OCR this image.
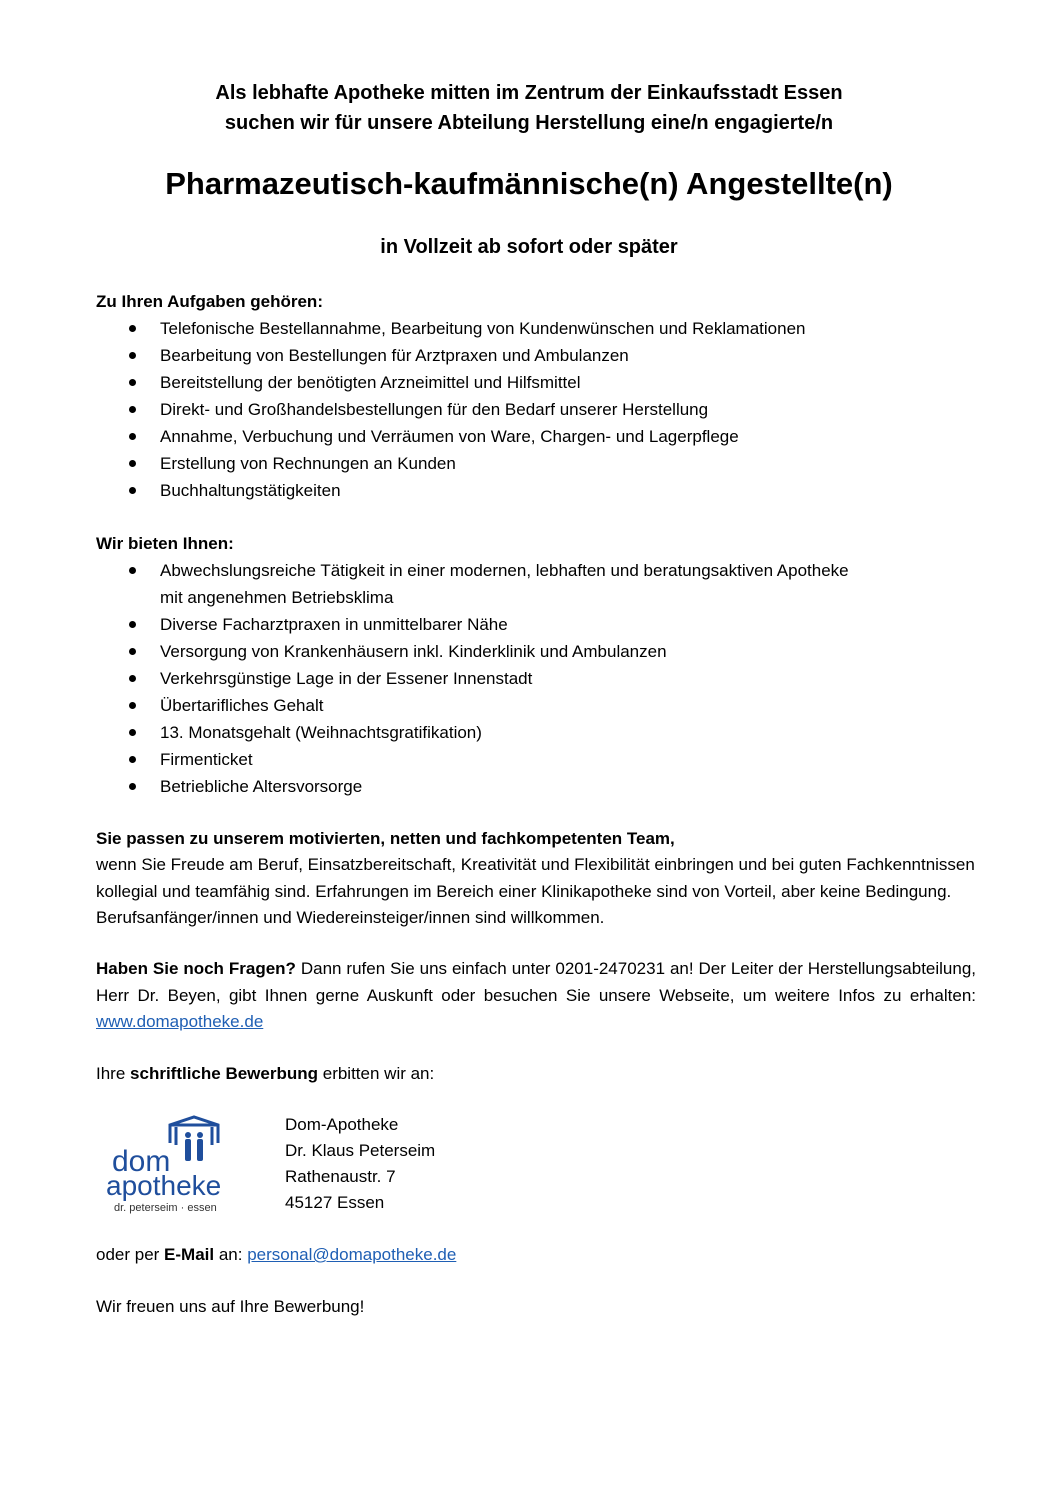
Als lebhafte Apotheke mitten im Zentrum der Einkaufsstadt Essen
suchen wir für unsere Abteilung Herstellung eine/n engagierte/n
Pharmazeutisch-kaufmännische(n) Angestellte(n)
in Vollzeit ab sofort oder später
Zu Ihren Aufgaben gehören:
Telefonische Bestellannahme, Bearbeitung von Kundenwünschen und Reklamationen
Bearbeitung von Bestellungen für Arztpraxen und Ambulanzen
Bereitstellung der benötigten Arzneimittel und Hilfsmittel
Direkt- und Großhandelsbestellungen für den Bedarf unserer Herstellung
Annahme, Verbuchung und Verräumen von Ware, Chargen- und Lagerpflege
Erstellung von Rechnungen an Kunden
Buchhaltungstätigkeiten
Wir bieten Ihnen:
Abwechslungsreiche Tätigkeit in einer modernen, lebhaften und beratungsaktiven Apotheke mit angenehmen Betriebsklima
Diverse Facharztpraxen in unmittelbarer Nähe
Versorgung von Krankenhäusern inkl. Kinderklinik und Ambulanzen
Verkehrsgünstige Lage in der Essener Innenstadt
Übertarifliches Gehalt
13. Monatsgehalt (Weihnachtsgratifikation)
Firmenticket
Betriebliche Altersvorsorge
Sie passen zu unserem motivierten, netten und fachkompetenten Team,
wenn Sie Freude am Beruf, Einsatzbereitschaft, Kreativität und Flexibilität einbringen und bei guten Fachkenntnissen kollegial und teamfähig sind. Erfahrungen im Bereich einer Klinikapotheke sind von Vorteil, aber keine Bedingung. Berufsanfänger/innen und Wiedereinsteiger/innen sind willkommen.
Haben Sie noch Fragen? Dann rufen Sie uns einfach unter 0201-2470231 an! Der Leiter der Herstellungsabteilung, Herr Dr. Beyen, gibt Ihnen gerne Auskunft oder besuchen Sie unsere Webseite, um weitere Infos zu erhalten: www.domapotheke.de
Ihre schriftliche Bewerbung erbitten wir an:
dom
apotheke
dr. peterseim · essen
Dom-Apotheke
Dr. Klaus Peterseim
Rathenaustr. 7
45127 Essen
oder per E-Mail an: personal@domapotheke.de
Wir freuen uns auf Ihre Bewerbung!
